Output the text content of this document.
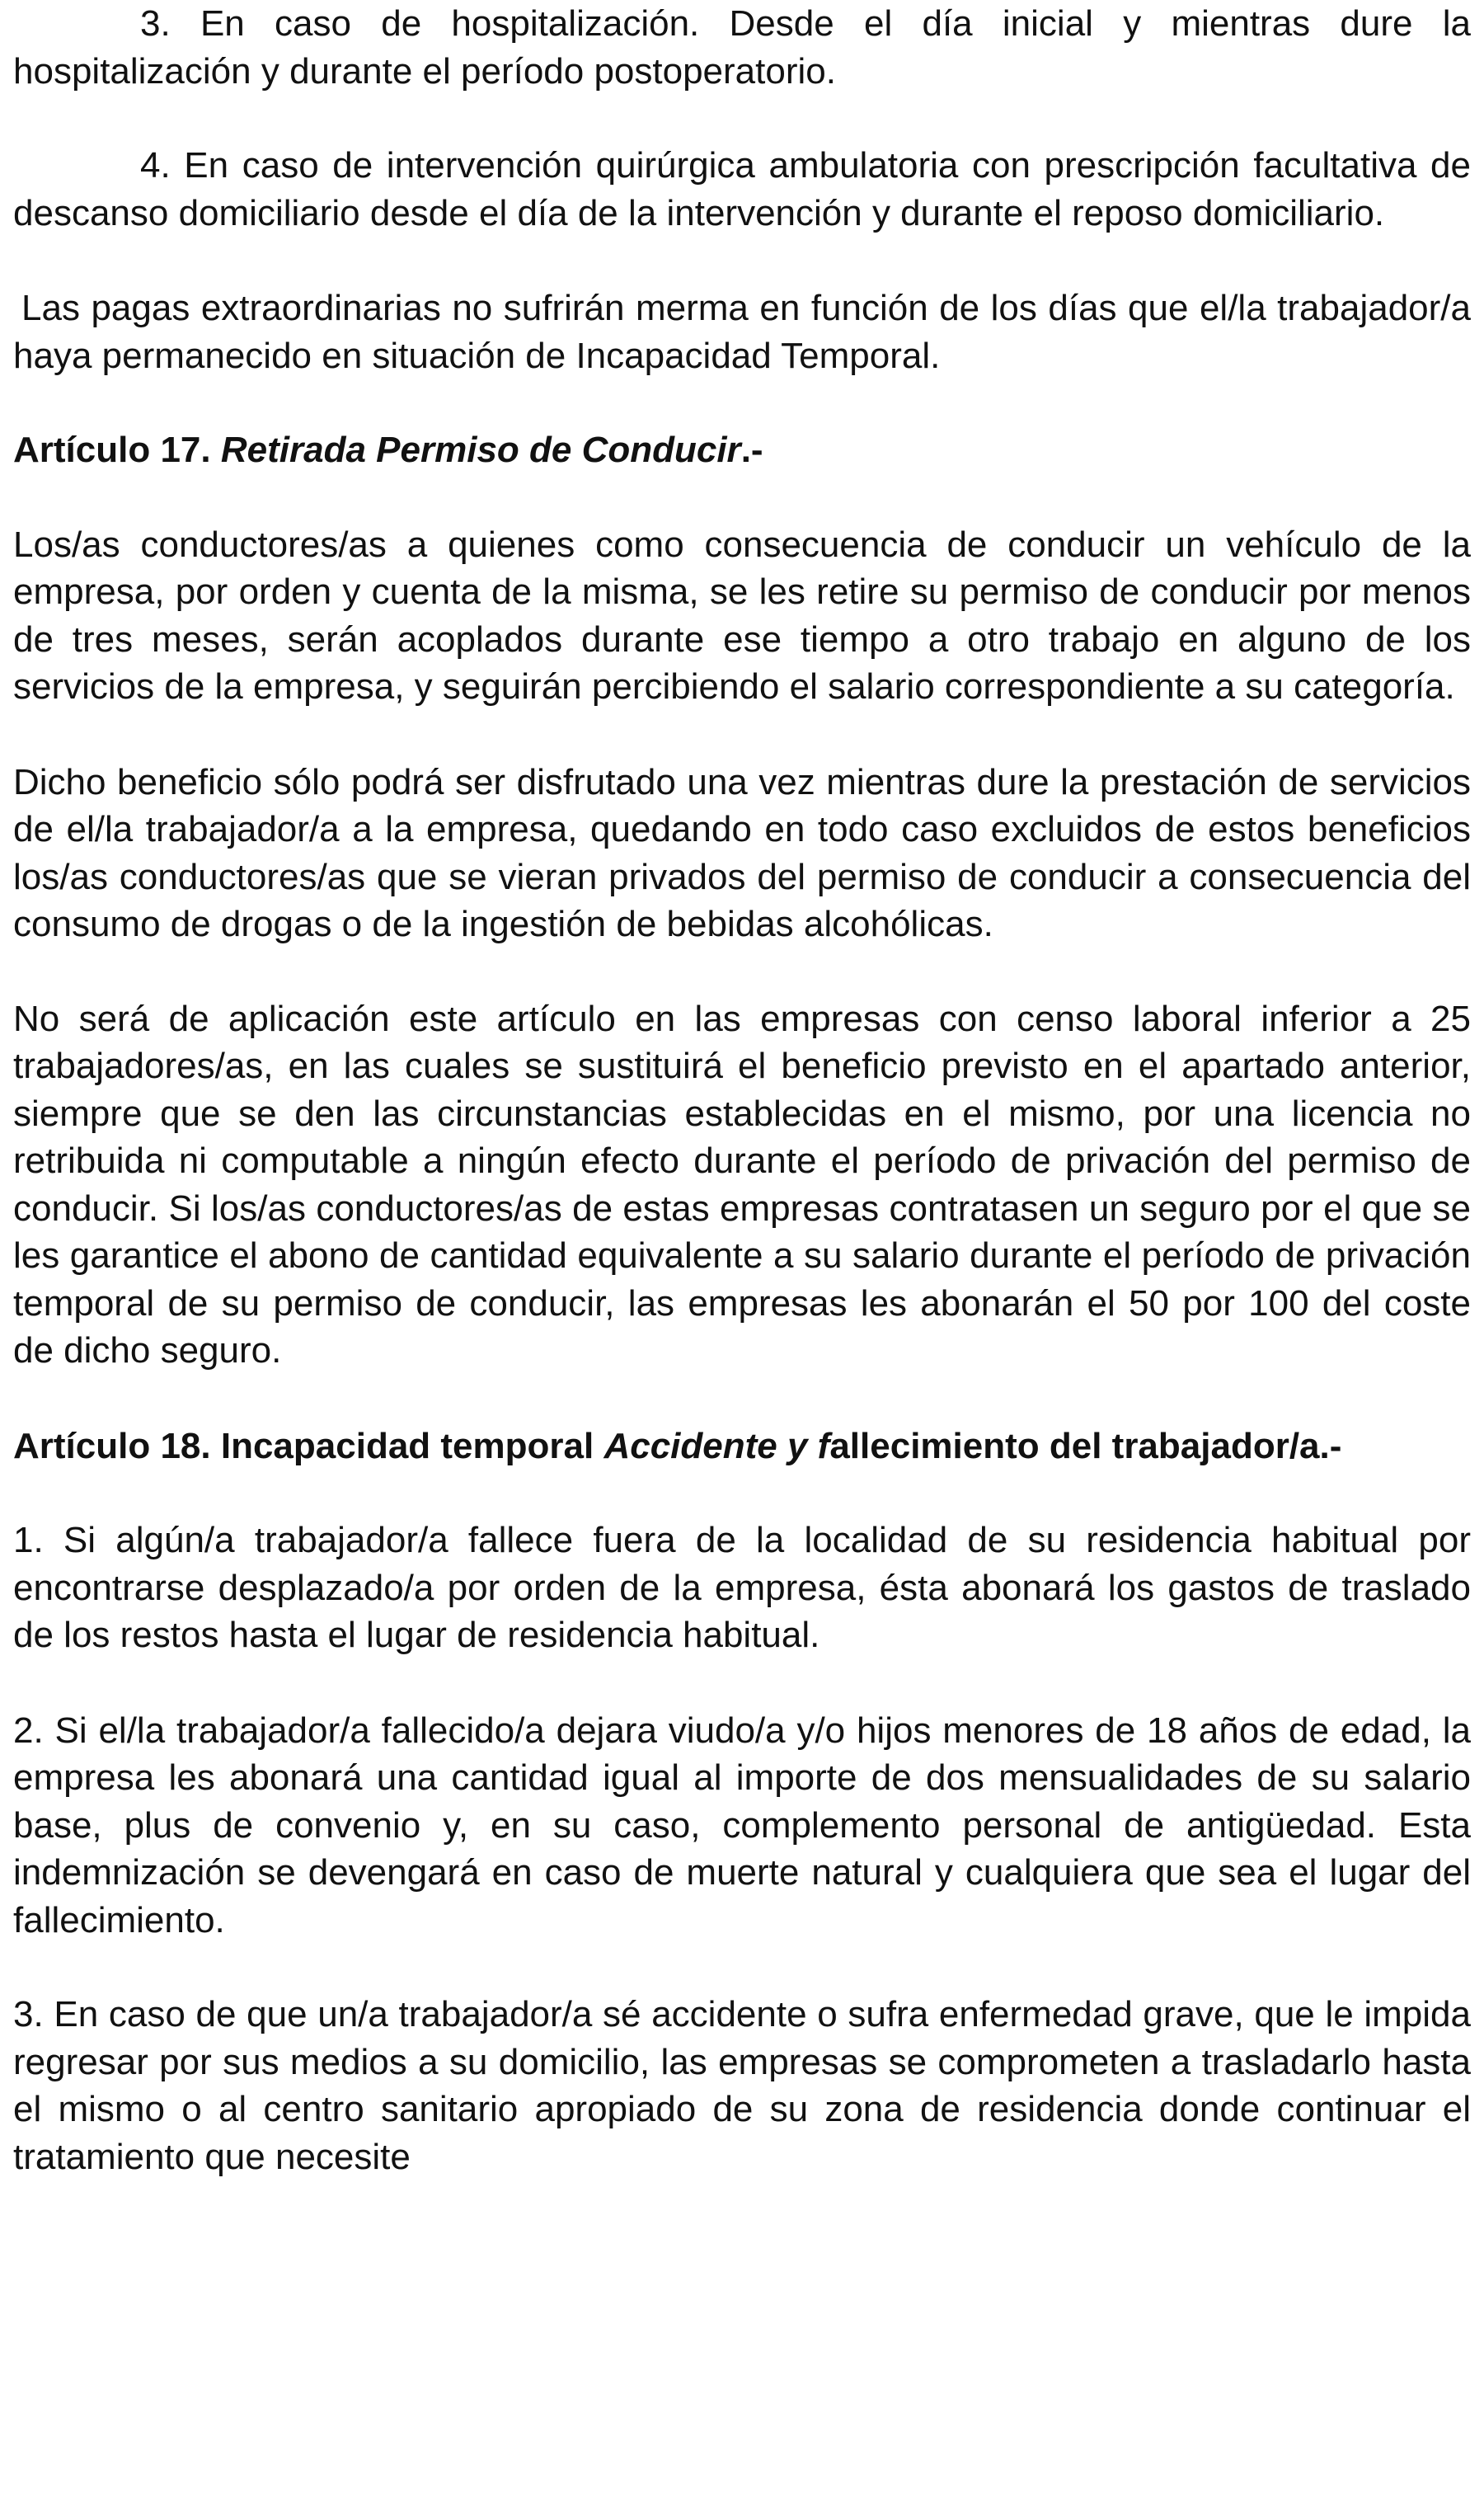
3. En caso de hospitalización. Desde el día inicial y mientras dure la hospitalización y durante el período postoperatorio.

4. En caso de intervención quirúrgica ambulatoria con prescripción facultativa de descanso domiciliario desde el día de la intervención y durante el reposo domiciliario.

Las pagas extraordinarias no sufrirán merma en función de los días que el/la trabajador/a haya permanecido en situación de Incapacidad Temporal.

Artículo 17. Retirada Permiso de Conducir.-

Los/as conductores/as a quienes como consecuencia de conducir un vehículo de la empresa, por orden y cuenta de la misma, se les retire su permiso de conducir por menos de tres meses, serán acoplados durante ese tiempo a otro trabajo en alguno de los servicios de la empresa, y seguirán percibiendo el salario correspondiente a su categoría.

Dicho beneficio sólo podrá ser disfrutado una vez mientras dure la prestación de servicios de el/la trabajador/a a la empresa, quedando en todo caso excluidos de estos beneficios los/as conductores/as que se vieran privados del permiso de conducir a consecuencia del consumo de drogas o de la ingestión de bebidas alcohólicas.

No será de aplicación este artículo en las empresas con censo laboral inferior a 25 trabajadores/as, en las cuales se sustituirá el beneficio previsto en el apartado anterior, siempre que se den las circunstancias establecidas en el mismo, por una licencia no retribuida ni computable a ningún efecto durante el período de privación del permiso de conducir. Si los/as conductores/as de estas empresas contratasen un seguro por el que se les garantice el abono de cantidad equivalente a su salario durante el período de privación temporal de su permiso de conducir, las empresas les abonarán el 50 por 100 del coste de dicho seguro.

Artículo 18. Incapacidad temporal Accidente y fallecimiento del trabajador/a.-

1. Si algún/a trabajador/a fallece fuera de la localidad de su residencia habitual por encontrarse desplazado/a por orden de la empresa, ésta abonará los gastos de traslado de los restos hasta el lugar de residencia habitual.

2. Si el/la trabajador/a fallecido/a dejara viudo/a y/o hijos menores de 18 años de edad, la empresa les abonará una cantidad igual al importe de dos mensualidades de su salario base, plus de convenio y, en su caso, complemento personal de antigüedad. Esta indemnización se devengará en caso de muerte natural y cualquiera que sea el lugar del fallecimiento.

3. En caso de que un/a trabajador/a sé accidente o sufra enfermedad grave, que le impida regresar por sus medios a su domicilio, las empresas se comprometen a trasladarlo hasta el mismo o al centro sanitario apropiado de su zona de residencia donde continuar el tratamiento que necesite
